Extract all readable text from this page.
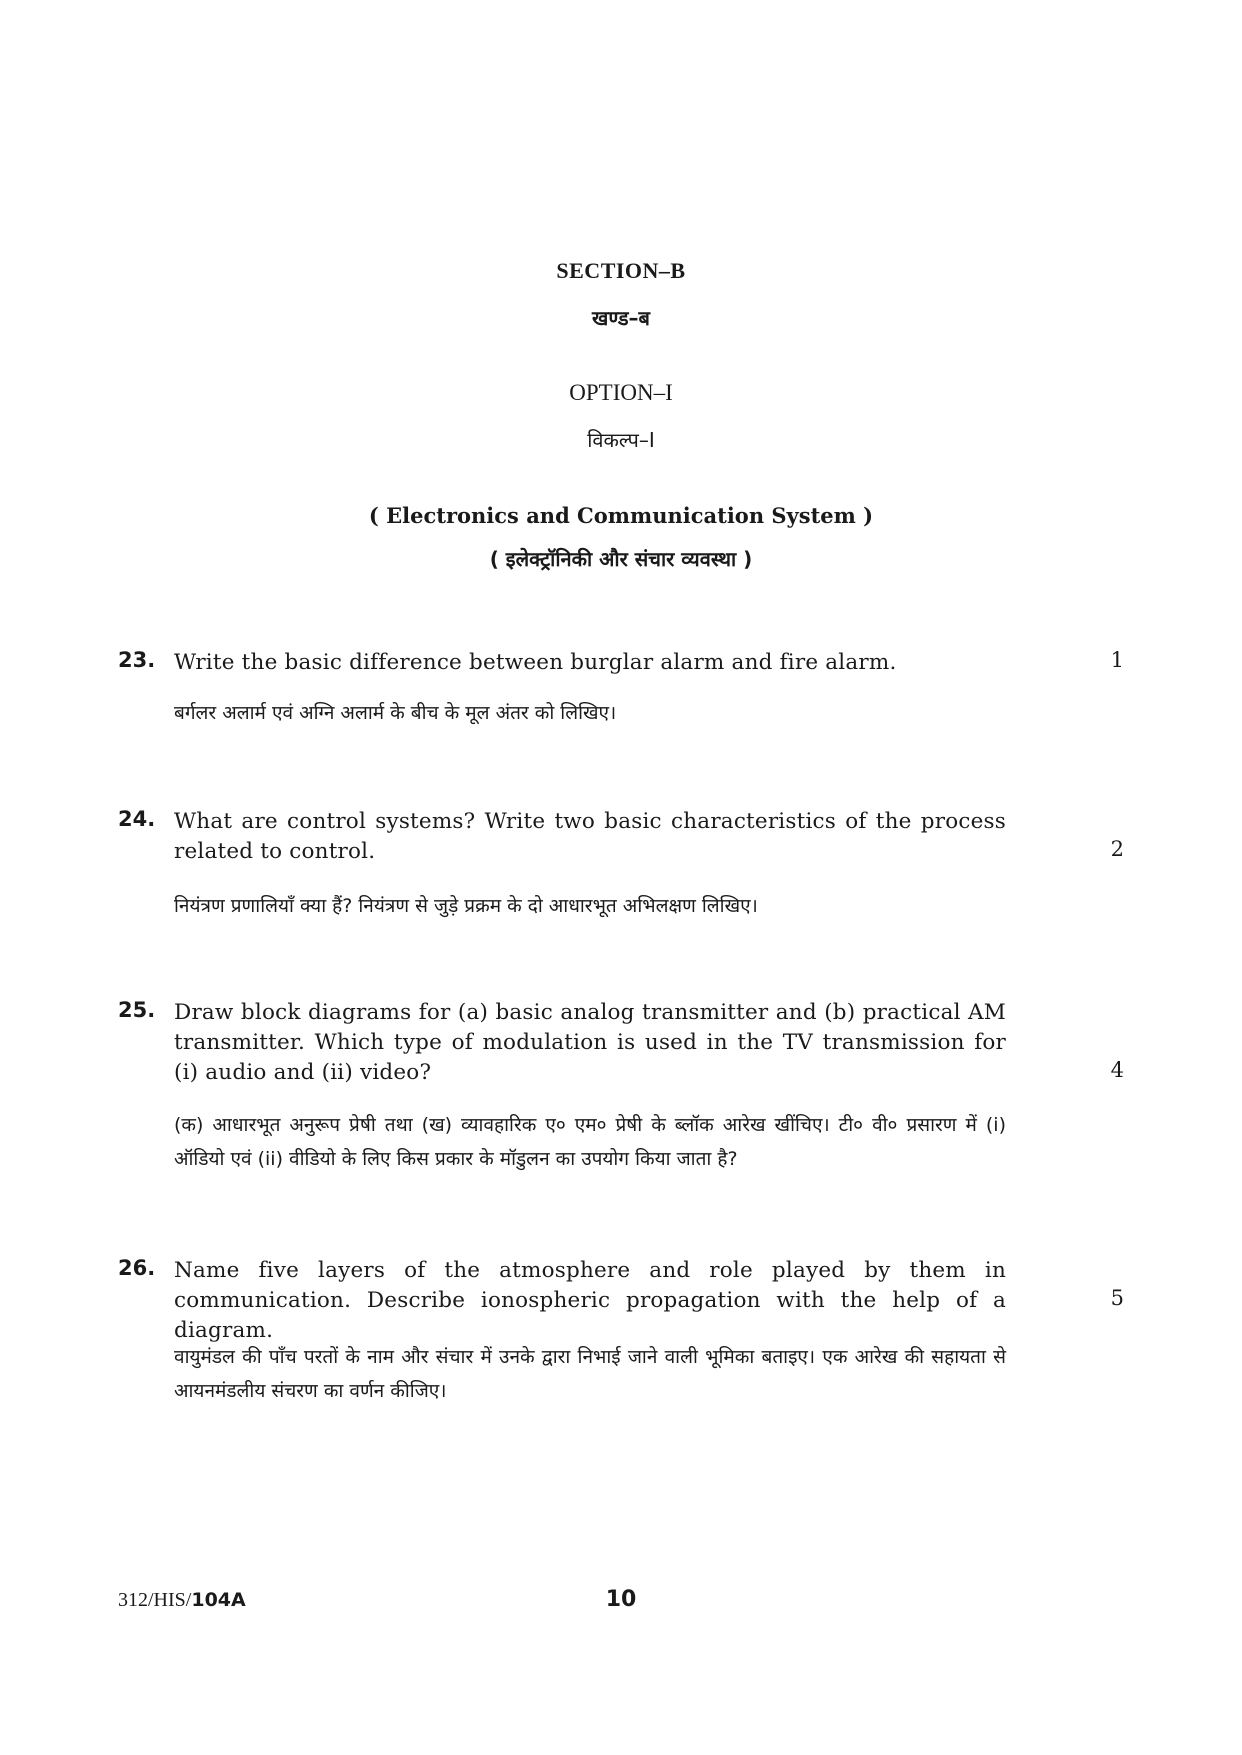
SECTION–B
खण्ड–ब
OPTION–I
विकल्प–I
( Electronics and Communication System )
( इलेक्ट्रॉनिकी और संचार व्यवस्था )
23. Write the basic difference between burglar alarm and fire alarm.	1
बर्गलर अलार्म एवं अग्नि अलार्म के बीच के मूल अंतर को लिखिए।
24. What are control systems? Write two basic characteristics of the process related to control.	2
नियंत्रण प्रणालियाँ क्या हैं? नियंत्रण से जुड़े प्रक्रम के दो आधारभूत अभिलक्षण लिखिए।
25. Draw block diagrams for (a) basic analog transmitter and (b) practical AM transmitter. Which type of modulation is used in the TV transmission for (i) audio and (ii) video?	4
(क) आधारभूत अनुरूप प्रेषी तथा (ख) व्यावहारिक ए० एम० प्रेषी के ब्लॉक आरेख खींचिए। टी० वी० प्रसारण में (i) ऑडियो एवं (ii) वीडियो के लिए किस प्रकार के मॉडुलन का उपयोग किया जाता है?
26. Name five layers of the atmosphere and role played by them in communication. Describe ionospheric propagation with the help of a diagram.
5
वायुमंडल की पाँच परतों के नाम और संचार में उनके द्वारा निभाई जाने वाली भूमिका बताइए। एक आरेख की सहायता से आयनमंडलीय संचरण का वर्णन कीजिए।
312/HIS/104A	10
